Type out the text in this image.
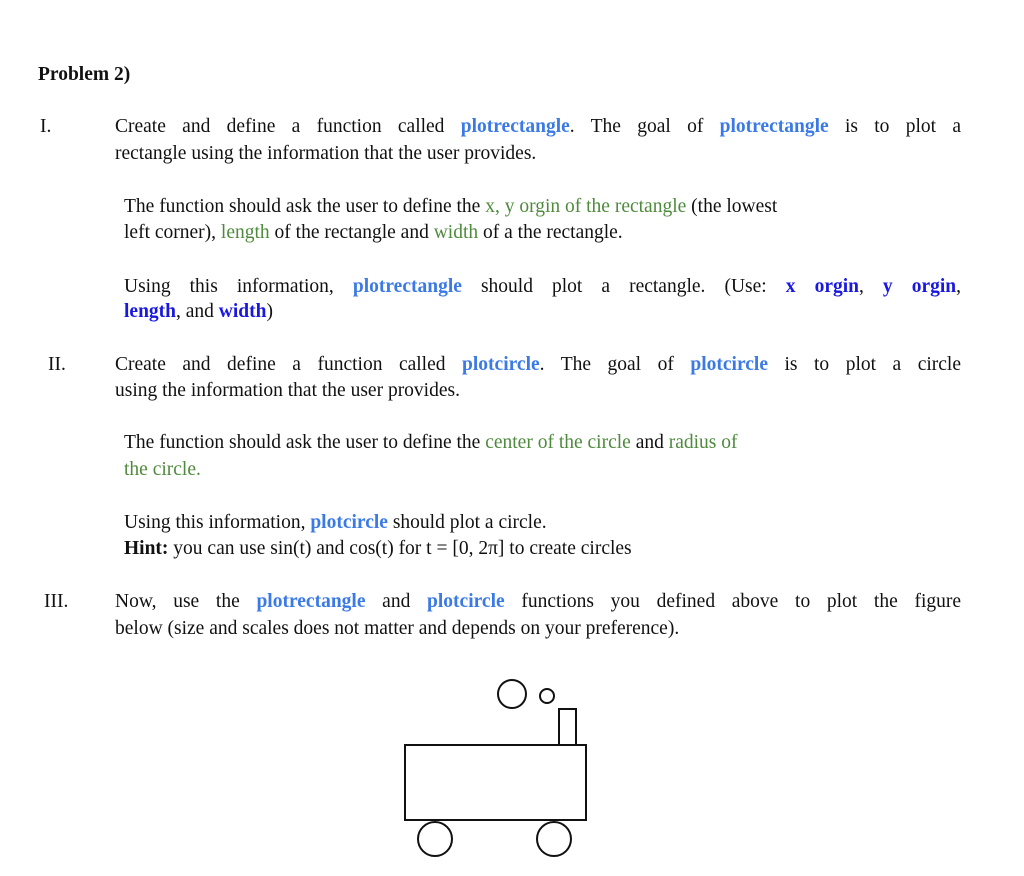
Problem 2)
I.	Create and define a function called plotrectangle. The goal of plotrectangle is to plot a
rectangle using the information that the user provides.
The function should ask the user to define the x, y orgin of the rectangle (the lowest
left corner), length of the rectangle and width of a the rectangle.
Using this information, plotrectangle should plot a rectangle. (Use: x orgin, y orgin,
length, and width)
II.	Create and define a function called plotcircle. The goal of plotcircle is to plot a circle
using the information that the user provides.
The function should ask the user to define the center of the circle and radius of
the circle.
Using this information, plotcircle should plot a circle.
Hint: you can use sin(t) and cos(t) for t = [0, 2π] to create circles
III. Now, use the plotrectangle and plotcircle functions you defined above to plot the figure
below (size and scales does not matter and depends on your preference).
